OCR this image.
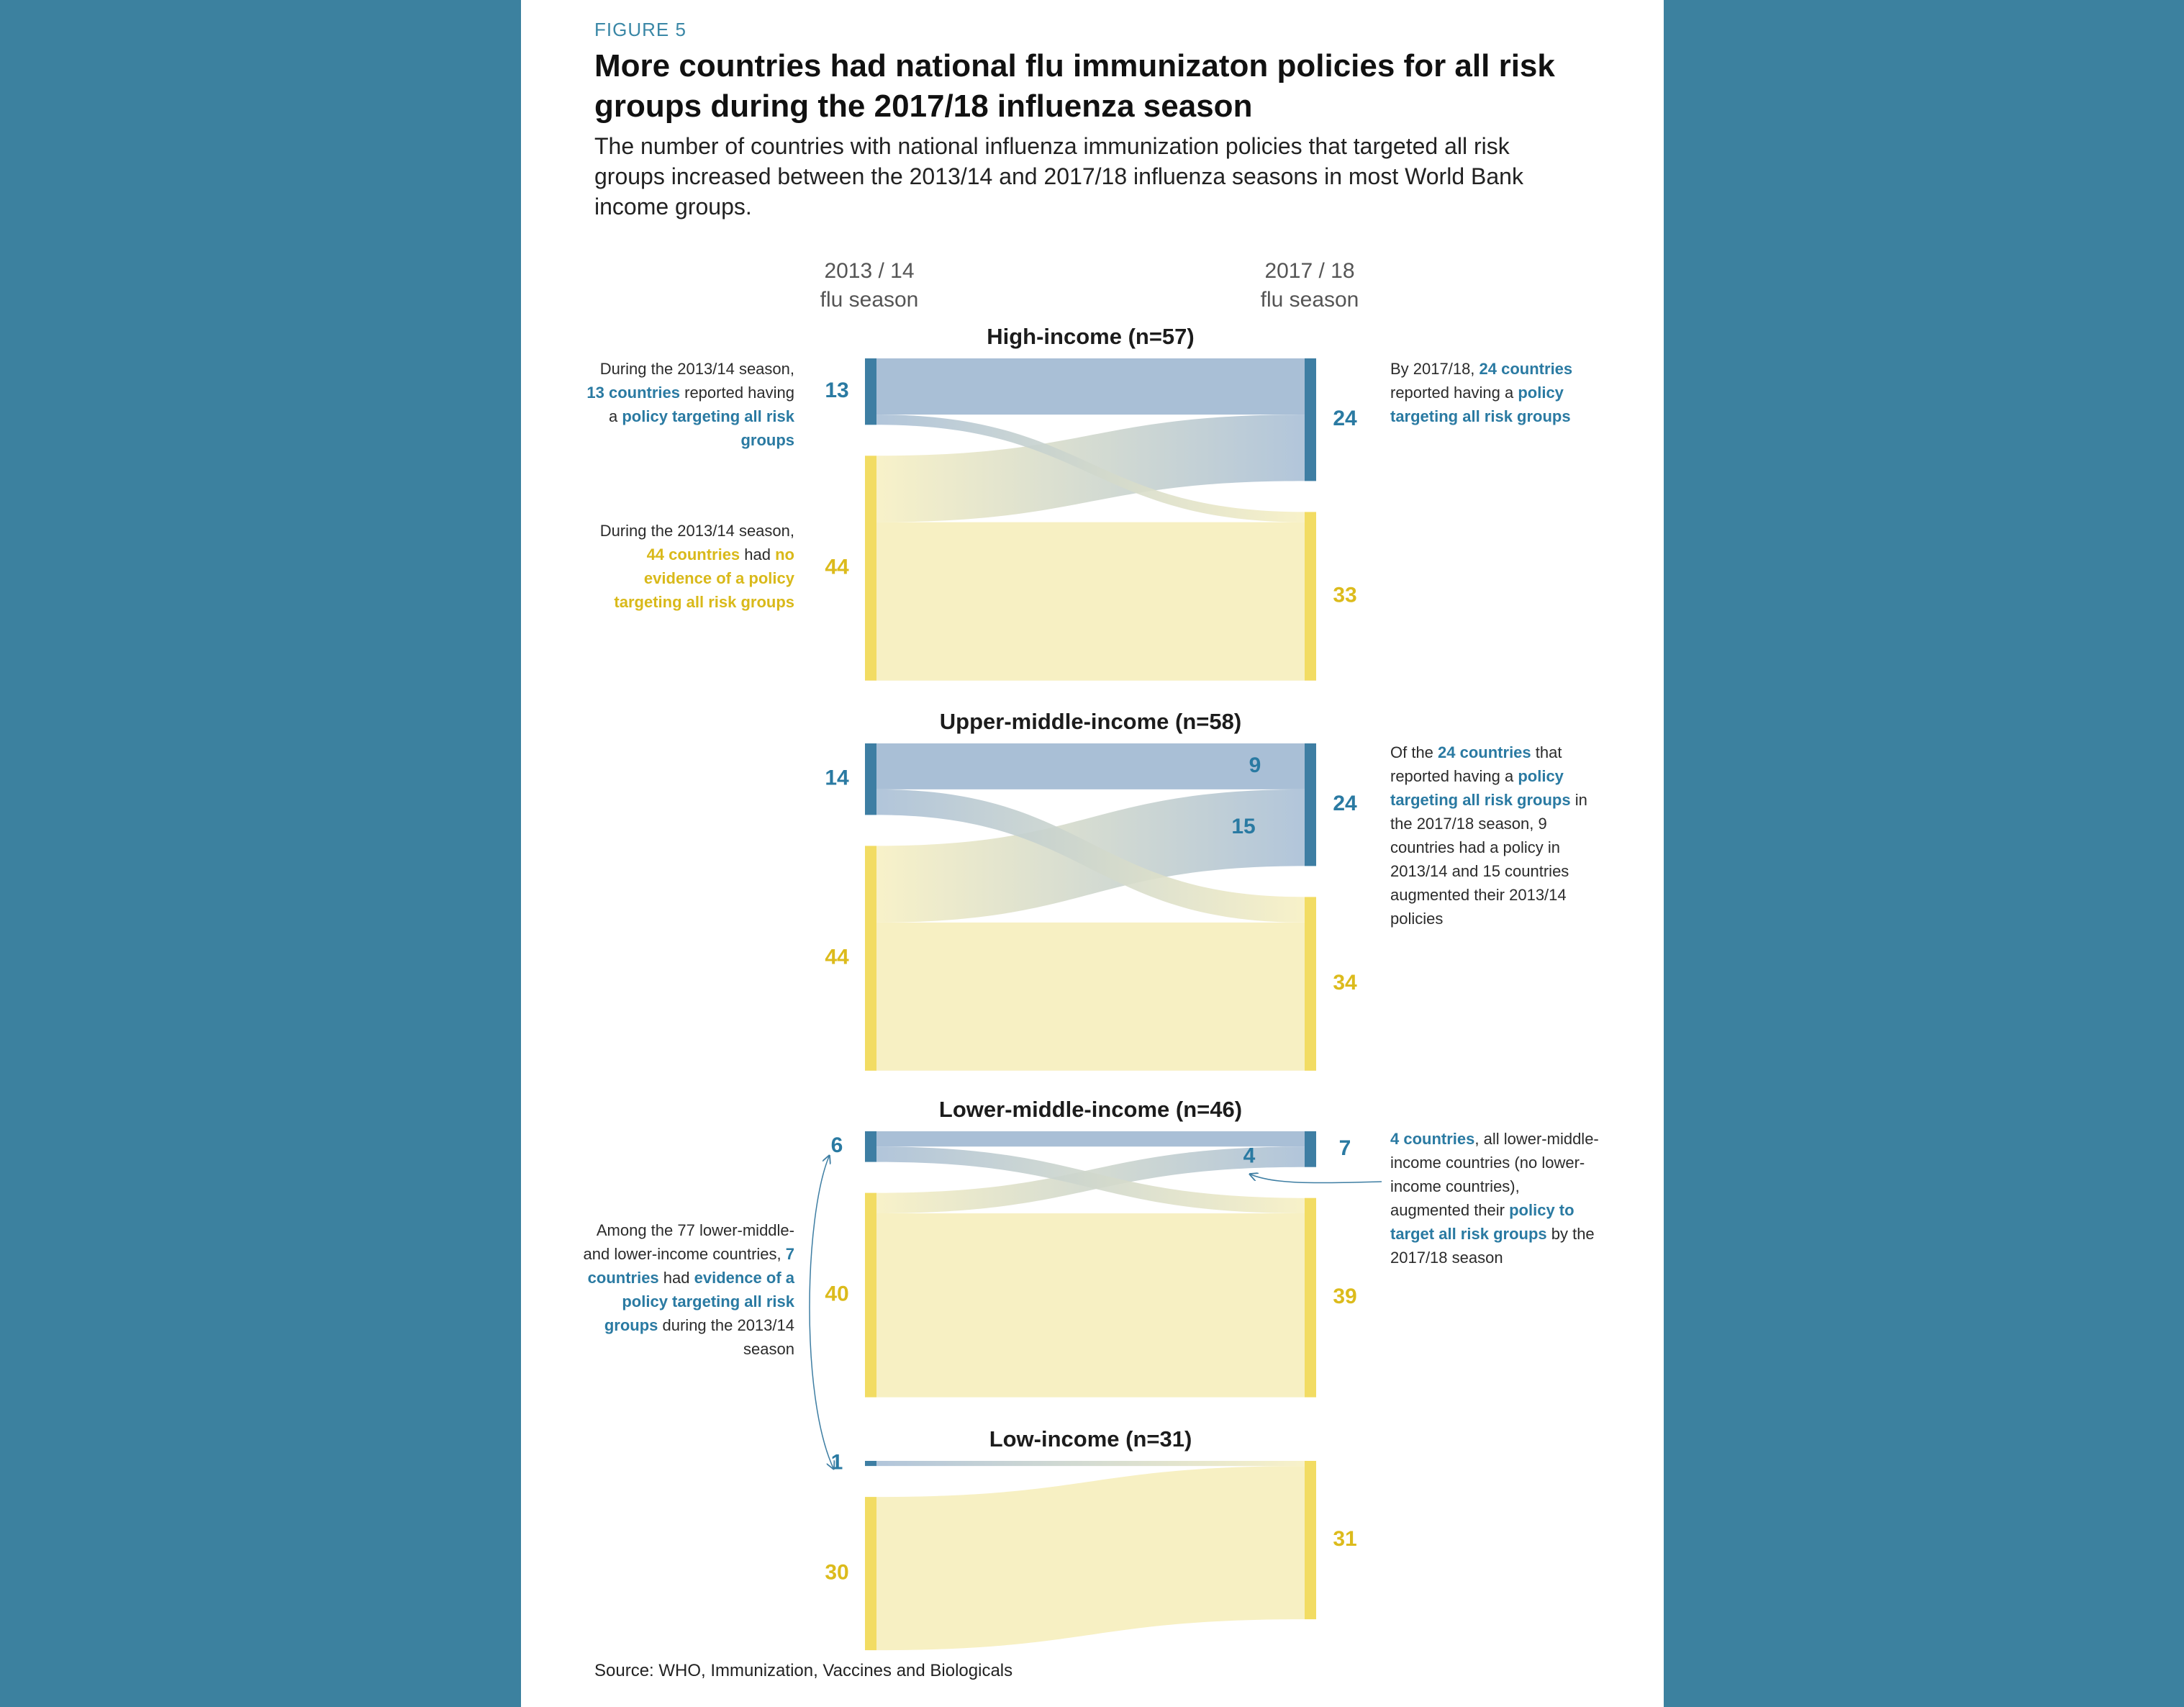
FIGURE 5
More countries had national flu immunizaton policies for all risk groups during the 2017/18 influenza season
The number of countries with national influenza immunization policies that targeted all risk groups increased between the 2013/14 and 2017/18 influenza seasons in most World Bank income groups.
2013 / 14
flu season
2017 / 18
flu season
High-income (n=57)
13
44
24
33
Upper-middle-income (n=58)
14
44
24
34
9
15
Lower-middle-income (n=46)
6
40
7
39
4
Low-income (n=31)
1
30
31
During the 2013/14 season, 13 countries reported having a policy targeting all risk groups
During the 2013/14 season, 44 countries had no evidence of a policy targeting all risk groups
By 2017/18, 24 countries reported having a policy targeting all risk groups
Of the 24 countries that reported having a policy targeting all risk groups in the 2017/18 season, 9 countries had a policy in 2013/14 and 15 countries augmented their 2013/14 policies
4 countries, all lower-middle-income countries (no lower-income countries), augmented their policy to target all risk groups by the 2017/18 season
Among the 77 lower-middle- and lower-income countries, 7 countries had evidence of a policy targeting all risk groups during the 2013/14 season
Source: WHO, Immunization, Vaccines and Biologicals
